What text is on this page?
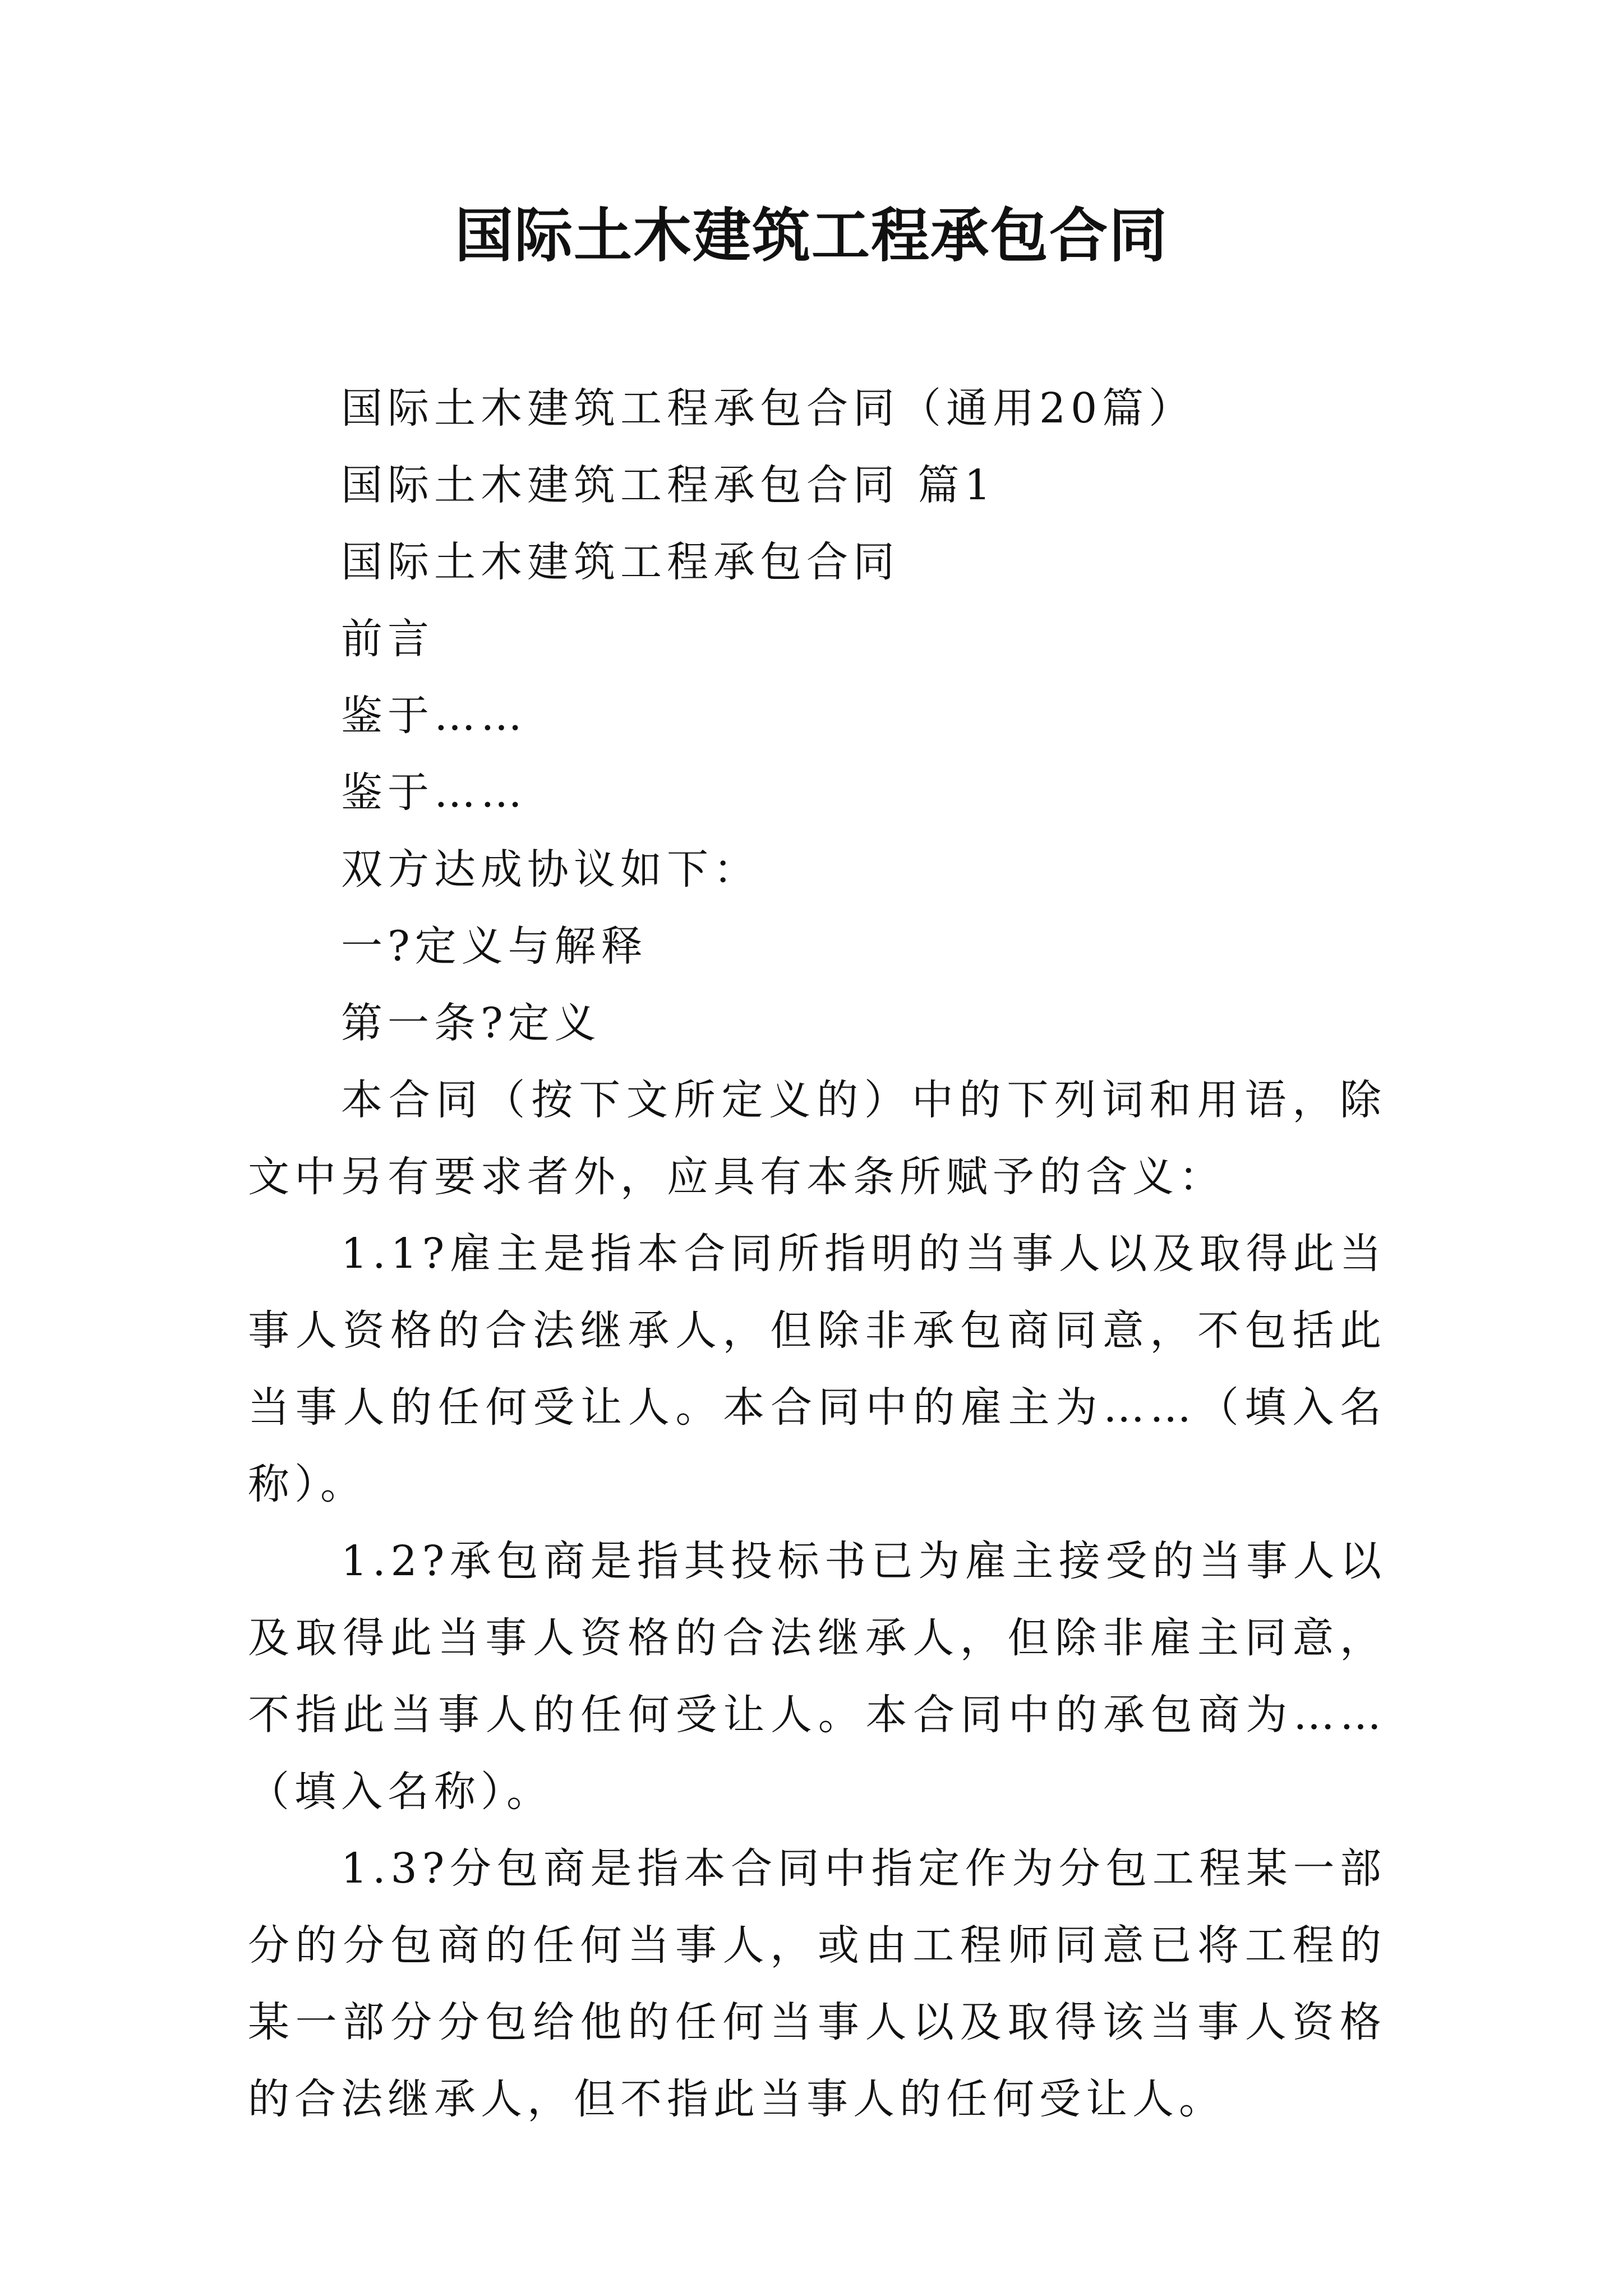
国际土木建筑工程承包合同

国际土木建筑工程承包合同（通用20篇）

国际土木建筑工程承包合同 篇1

国际土木建筑工程承包合同

前言

鉴于……

鉴于……

双方达成协议如下：

一?定义与解释

第一条?定义

本合同（按下文所定义的）中的下列词和用语，除文中另有要求者外，应具有本条所赋予的含义：

1.1?雇主是指本合同所指明的当事人以及取得此当事人资格的合法继承人，但除非承包商同意，不包括此当事人的任何受让人。本合同中的雇主为……（填入名称）。

1.2?承包商是指其投标书已为雇主接受的当事人以及取得此当事人资格的合法继承人，但除非雇主同意，不指此当事人的任何受让人。本合同中的承包商为……（填入名称）。

1.3?分包商是指本合同中指定作为分包工程某一部分的分包商的任何当事人，或由工程师同意已将工程的某一部分分包给他的任何当事人以及取得该当事人资格的合法继承人，但不指此当事人的任何受让人。
